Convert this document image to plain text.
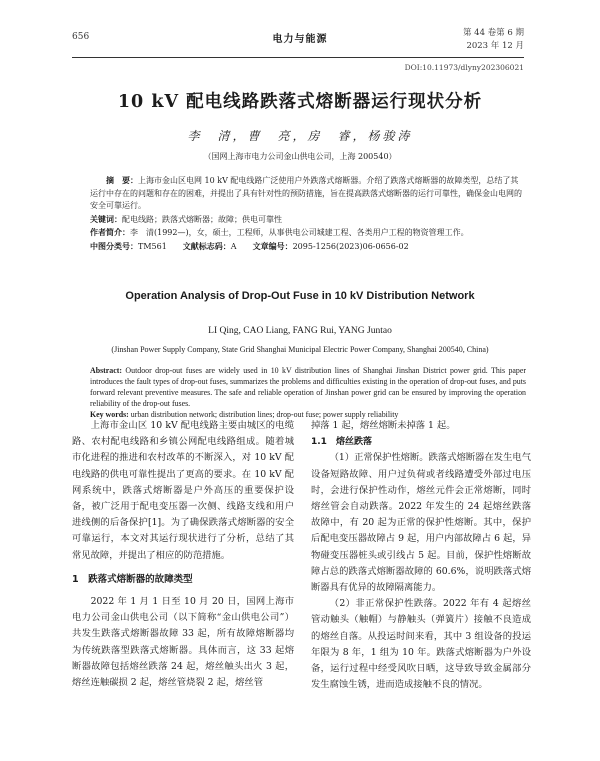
656	电力与能源
第 44 卷第 6 期
2023 年 12 月
DOI:10.11973/dlyny202306021
10 kV 配电线路跌落式熔断器运行现状分析
李　清，曹　亮，房　睿，杨骏涛
（国网上海市电力公司金山供电公司，上海 200540）

摘　要：上海市金山区电网 10 kV 配电线路广泛使用户外跌落式熔断器。介绍了跌落式熔断器的故障类型，总结了其运行中存在的问题和存在的困难，并提出了具有针对性的预防措施，旨在提高跌落式熔断器的运行可靠性，确保金山电网的安全可靠运行。

关键词：配电线路；跌落式熔断器；故障；供电可靠性

作者简介：李　清(1992—)，女，硕士，工程师，从事供电公司城建工程、各类用户工程的物资管理工作。

中图分类号：TM561   文献标志码：A   文章编号：2095-1256(2023)06-0656-02

Operation Analysis of Drop-Out Fuse in 10 kV Distribution Network
LI Qing, CAO Liang, FANG Rui, YANG Juntao
(Jinshan Power Supply Company, State Grid Shanghai Municipal Electric Power Company, Shanghai 200540, China)

Abstract: Outdoor drop-out fuses are widely used in 10 kV distribution lines of Shanghai Jinshan District power grid. This paper introduces the fault types of drop-out fuses, summarizes the problems and difficulties existing in the operation of drop-out fuses, and puts forward relevant preventive measures. The safe and reliable operation of Jinshan power grid can be ensured by improving the operation reliability of the drop-out fuses.

Key words: urban distribution network; distribution lines; drop-out fuse; power supply reliability

上海市金山区 10 kV 配电线路主要由城区的电缆路、农村配电线路和乡镇公网配电线路组成。随着城市化进程的推进和农村改革的不断深入，对 10 kV 配电线路的供电可靠性提出了更高的要求。在 10 kV 配网系统中，跌落式熔断器是户外高压的重要保护设备，被广泛用于配电变压器一次侧、线路支线和用户进线侧的后备保护[1]。为了确保跌落式熔断器的安全可靠运行，本文对其运行现状进行了分析，总结了其常见故障，并提出了相应的防范措施。

1　跌落式熔断器的故障类型

2022 年 1 月 1 日至 10 月 20 日，国网上海市电力公司金山供电公司（以下简称“金山供电公司”）共发生跌落式熔断器故障 33 起，所有故障熔断器均为传统跌落型跌落式熔断器。具体而言，这 33 起熔断器故障包括熔丝跌落 24 起，熔丝触头出火 3 起，熔丝连触碳损 2 起，熔丝管烧裂 2 起，熔丝管

掉落 1 起，熔丝熔断未掉落 1 起。

1.1　熔丝跌落

（1）正常保护性熔断。跌落式熔断器在发生电气设备短路故障、用户过负荷或者线路遭受外部过电压时，会进行保护性动作，熔丝元件会正常熔断，同时熔丝管会自动跌落。2022 年发生的 24 起熔丝跌落故障中，有 20 起为正常的保护性熔断。其中，保护后配电变压器故障占 9 起，用户内部故障占 6 起，异物碰变压器桩头或引线占 5 起。目前，保护性熔断故障占总的跌落式熔断器故障的 60.6%，说明跌落式熔断器具有优异的故障隔离能力。

（2）非正常保护性跌落。2022 年有 4 起熔丝管动触头（触帽）与静触头（弹簧片）接触不良造成的熔丝自落。从投运时间来看，其中 3 组设备的投运年限为 8 年，1 组为 10 年。跌落式熔断器为户外设备，运行过程中经受风吹日晒，这导致导致金属部分发生腐蚀生锈，进而造成接触不良的情况。
